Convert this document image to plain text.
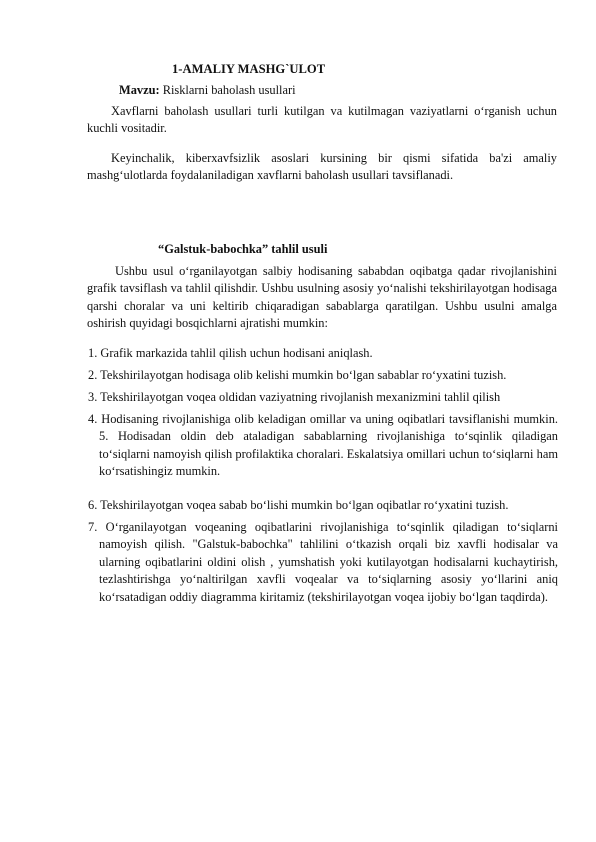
1-AMALIY MASHG`ULOT
Mavzu: Risklarni baholash usullari
Xavflarni baholash usullari turli kutilgan va kutilmagan vaziyatlarni o‘rganish uchun kuchli vositadir.
Keyinchalik, kiberxavfsizlik asoslari kursining bir qismi sifatida ba'zi amaliy mashg‘ulotlarda foydalaniladigan xavflarni baholash usullari tavsiflanadi.
“Galstuk-babochka” tahlil usuli
Ushbu usul o‘rganilayotgan salbiy hodisaning sababdan oqibatga qadar rivojlanishini grafik tavsiflash va tahlil qilishdir. Ushbu usulning asosiy yo‘nalishi tekshirilayotgan hodisaga qarshi choralar va uni keltirib chiqaradigan sabablarga qaratilgan. Ushbu usulni amalga oshirish quyidagi bosqichlarni ajratishi mumkin:
1. Grafik markazida tahlil qilish uchun hodisani aniqlash.
2. Tekshirilayotgan hodisaga olib kelishi mumkin bo‘lgan sabablar ro‘yxatini tuzish.
3. Tekshirilayotgan voqea oldidan vaziyatning rivojlanish mexanizmini tahlil qilish
4. Hodisaning rivojlanishiga olib keladigan omillar va uning oqibatlari tavsiflanishi mumkin. 5. Hodisadan oldin deb ataladigan sabablarning rivojlanishiga to‘sqinlik qiladigan to‘siqlarni namoyish qilish profilaktika choralari. Eskalatsiya omillari uchun to‘siqlarni ham ko‘rsatishingiz mumkin.
6. Tekshirilayotgan voqea sabab bo‘lishi mumkin bo‘lgan oqibatlar ro‘yxatini tuzish.
7. O‘rganilayotgan voqeaning oqibatlarini rivojlanishiga to‘sqinlik qiladigan to‘siqlarni namoyish qilish. "Galstuk-babochka" tahlilini o‘tkazish orqali biz xavfli hodisalar va ularning oqibatlarini oldini olish , yumshatish yoki kutilayotgan hodisalarni kuchaytirish, tezlashtirishga yo‘naltirilgan xavfli voqealar va to‘siqlarning asosiy yo‘llarini aniq ko‘rsatadigan oddiy diagramma kiritamiz (tekshirilayotgan voqea ijobiy bo‘lgan taqdirda).
